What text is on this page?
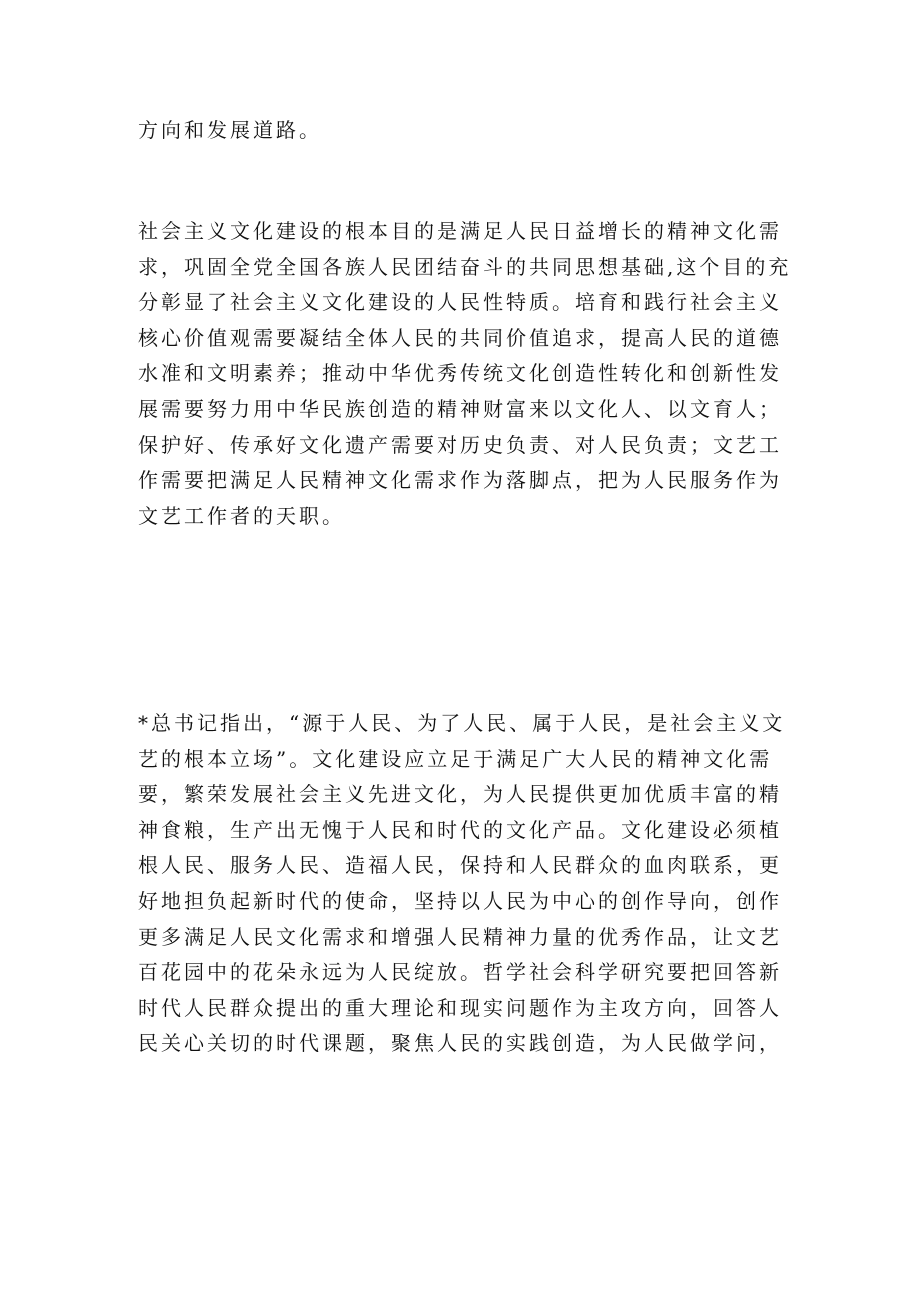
方向和发展道路。

社会主义文化建设的根本目的是满足人民日益增长的精神文化需
求，巩固全党全国各族人民团结奋斗的共同思想基础,这个目的充
分彰显了社会主义文化建设的人民性特质。培育和践行社会主义
核心价值观需要凝结全体人民的共同价值追求，提高人民的道德
水准和文明素养；推动中华优秀传统文化创造性转化和创新性发
展需要努力用中华民族创造的精神财富来以文化人、以文育人；
保护好、传承好文化遗产需要对历史负责、对人民负责；文艺工
作需要把满足人民精神文化需求作为落脚点，把为人民服务作为
文艺工作者的天职。

*总书记指出，“源于人民、为了人民、属于人民，是社会主义文
艺的根本立场”。文化建设应立足于满足广大人民的精神文化需
要，繁荣发展社会主义先进文化，为人民提供更加优质丰富的精
神食粮，生产出无愧于人民和时代的文化产品。文化建设必须植
根人民、服务人民、造福人民，保持和人民群众的血肉联系，更
好地担负起新时代的使命，坚持以人民为中心的创作导向，创作
更多满足人民文化需求和增强人民精神力量的优秀作品，让文艺
百花园中的花朵永远为人民绽放。哲学社会科学研究要把回答新
时代人民群众提出的重大理论和现实问题作为主攻方向，回答人
民关心关切的时代课题，聚焦人民的实践创造，为人民做学问，
